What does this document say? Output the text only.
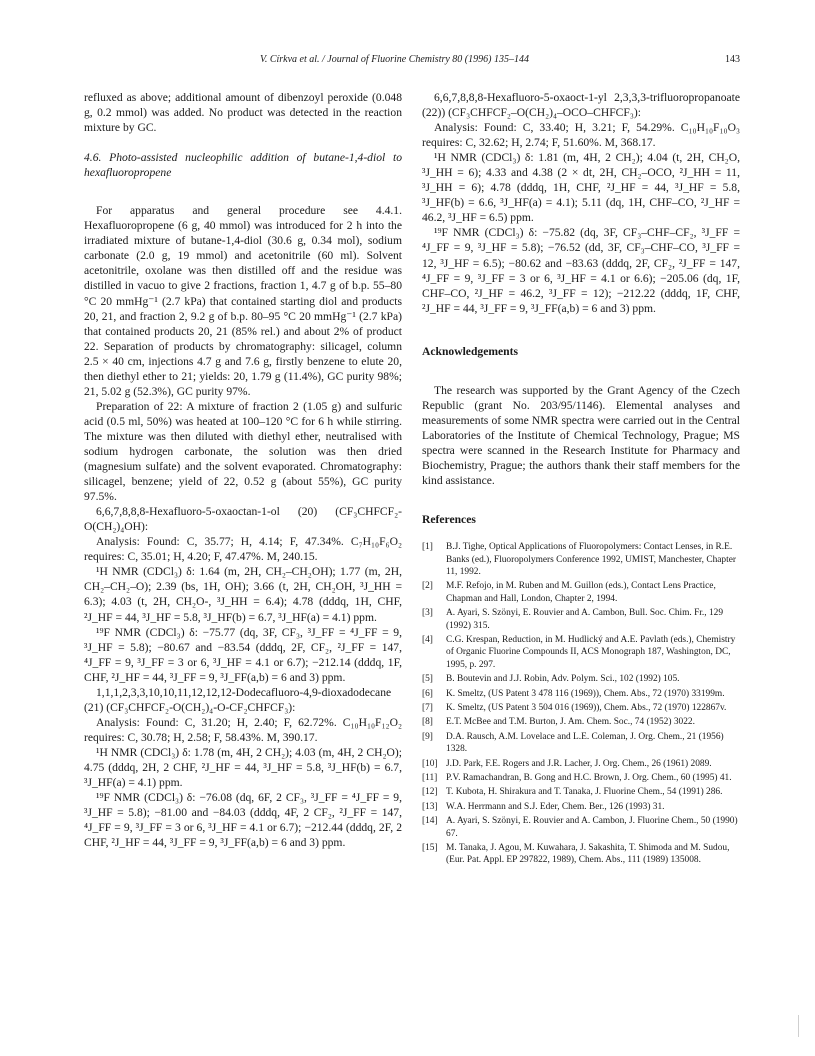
V. Církva et al. / Journal of Fluorine Chemistry 80 (1996) 135–144	143

refluxed as above; additional amount of dibenzoyl peroxide (0.048 g, 0.2 mmol) was added. No product was detected in the reaction mixture by GC.

4.6. Photo-assisted nucleophilic addition of butane-1,4-diol to hexafluoropropene

For apparatus and general procedure see 4.4.1. Hexafluoropropene (6 g, 40 mmol) was introduced for 2 h into the irradiated mixture of butane-1,4-diol (30.6 g, 0.34 mol), sodium carbonate (2.0 g, 19 mmol) and acetonitrile (60 ml). Solvent acetonitrile, oxolane was then distilled off and the residue was distilled in vacuo to give 2 fractions, fraction 1, 4.7 g of b.p. 55–80 °C 20 mmHg⁻¹ (2.7 kPa) that contained starting diol and products 20, 21, and fraction 2, 9.2 g of b.p. 80–95 °C 20 mmHg⁻¹ (2.7 kPa) that contained products 20, 21 (85% rel.) and about 2% of product 22. Separation of products by chromatography: silicagel, column 2.5 × 40 cm, injections 4.7 g and 7.6 g, firstly benzene to elute 20, then diethyl ether to 21; yields: 20, 1.79 g (11.4%), GC purity 98%; 21, 5.02 g (52.3%), GC purity 97%.

Preparation of 22: A mixture of fraction 2 (1.05 g) and sulfuric acid (0.5 ml, 50%) was heated at 100–120 °C for 6 h while stirring. The mixture was then diluted with diethyl ether, neutralised with sodium hydrogen carbonate, the solution was then dried (magnesium sulfate) and the solvent evaporated. Chromatography: silicagel, benzene; yield of 22, 0.52 g (about 55%), GC purity 97.5%.

6,6,7,8,8,8-Hexafluoro-5-oxaoctan-1-ol (20) (CF₃CHFCF₂-O(CH₂)₄OH):

Analysis: Found: C, 35.77; H, 4.14; F, 47.34%. C₇H₁₀F₆O₂ requires: C, 35.01; H, 4.20; F, 47.47%. M, 240.15.

¹H NMR (CDCl₃) δ: 1.64 (m, 2H, CH₂–CH₂OH); 1.77 (m, 2H, CH₂–CH₂–O); 2.39 (bs, 1H, OH); 3.66 (t, 2H, CH₂OH, ³J_HH = 6.3); 4.03 (t, 2H, CH₂O-, ³J_HH = 6.4); 4.78 (dddq, 1H, CHF, ²J_HF = 44, ³J_HF = 5.8, ³J_HF(b) = 6.7, ³J_HF(a) = 4.1) ppm.

¹⁹F NMR (CDCl₃) δ: −75.77 (dq, 3F, CF₃, ³J_FF = ⁴J_FF = 9, ³J_HF = 5.8); −80.67 and −83.54 (dddq, 2F, CF₂, ²J_FF = 147, ⁴J_FF = 9, ³J_FF = 3 or 6, ³J_HF = 4.1 or 6.7); −212.14 (dddq, 1F, CHF, ²J_HF = 44, ³J_FF = 9, ³J_FF(a,b) = 6 and 3) ppm.

1,1,1,2,3,3,10,10,11,12,12,12-Dodecafluoro-4,9-dioxadodecane (21) (CF₃CHFCF₂-O(CH₂)₄-O-CF₂CHFCF₃):

Analysis: Found: C, 31.20; H, 2.40; F, 62.72%. C₁₀H₁₀F₁₂O₂ requires: C, 30.78; H, 2.58; F, 58.43%. M, 390.17.

¹H NMR (CDCl₃) δ: 1.78 (m, 4H, 2 CH₂); 4.03 (m, 4H, 2 CH₂O); 4.75 (dddq, 2H, 2 CHF, ²J_HF = 44, ³J_HF = 5.8, ³J_HF(b) = 6.7, ³J_HF(a) = 4.1) ppm.

¹⁹F NMR (CDCl₃) δ: −76.08 (dq, 6F, 2 CF₃, ³J_FF = ⁴J_FF = 9, ³J_HF = 5.8); −81.00 and −84.03 (dddq, 4F, 2 CF₂, ²J_FF = 147, ⁴J_FF = 9, ³J_FF = 3 or 6, ³J_HF = 4.1 or 6.7); −212.44 (dddq, 2F, 2 CHF, ²J_HF = 44, ³J_FF = 9, ³J_FF(a,b) = 6 and 3) ppm.

6,6,7,8,8,8-Hexafluoro-5-oxaoct-1-yl 2,3,3,3-trifluoropropanoate (22)) (CF₃CHFCF₂–O(CH₂)₄–OCO–CHFCF₃):

Analysis: Found: C, 33.40; H, 3.21; F, 54.29%. C₁₀H₁₀F₁₀O₃ requires: C, 32.62; H, 2.74; F, 51.60%. M, 368.17.

¹H NMR (CDCl₃) δ: 1.81 (m, 4H, 2 CH₂); 4.04 (t, 2H, CH₂O, ³J_HH = 6); 4.33 and 4.38 (2 × dt, 2H, CH₂–OCO, ²J_HH = 11, ³J_HH = 6); 4.78 (dddq, 1H, CHF, ²J_HF = 44, ³J_HF = 5.8, ³J_HF(b) = 6.6, ³J_HF(a) = 4.1); 5.11 (dq, 1H, CHF–CO, ²J_HF = 46.2, ³J_HF = 6.5) ppm.

¹⁹F NMR (CDCl₃) δ: −75.82 (dq, 3F, CF₃–CHF–CF₂, ³J_FF = ⁴J_FF = 9, ³J_HF = 5.8); −76.52 (dd, 3F, CF₃–CHF–CO, ³J_FF = 12, ³J_HF = 6.5); −80.62 and −83.63 (dddq, 2F, CF₂, ²J_FF = 147, ⁴J_FF = 9, ³J_FF = 3 or 6, ³J_HF = 4.1 or 6.6); −205.06 (dq, 1F, CHF–CO, ²J_HF = 46.2, ³J_FF = 12); −212.22 (dddq, 1F, CHF, ²J_HF = 44, ³J_FF = 9, ³J_FF(a,b) = 6 and 3) ppm.

Acknowledgements

The research was supported by the Grant Agency of the Czech Republic (grant No. 203/95/1146). Elemental analyses and measurements of some NMR spectra were carried out in the Central Laboratories of the Institute of Chemical Technology, Prague; MS spectra were scanned in the Research Institute for Pharmacy and Biochemistry, Prague; the authors thank their staff members for the kind assistance.

References

[1] B.J. Tighe, Optical Applications of Fluoropolymers: Contact Lenses, in R.E. Banks (ed.), Fluoropolymers Conference 1992, UMIST, Manchester, Chapter 11, 1992.
[2] M.F. Refojo, in M. Ruben and M. Guillon (eds.), Contact Lens Practice, Chapman and Hall, London, Chapter 2, 1994.
[3] A. Ayari, S. Szönyi, E. Rouvier and A. Cambon, Bull. Soc. Chim. Fr., 129 (1992) 315.
[4] C.G. Krespan, Reduction, in M. Hudlický and A.E. Pavlath (eds.), Chemistry of Organic Fluorine Compounds II, ACS Monograph 187, Washington, DC, 1995, p. 297.
[5] B. Boutevin and J.J. Robin, Adv. Polym. Sci., 102 (1992) 105.
[6] K. Smeltz, (US Patent 3 478 116 (1969)), Chem. Abs., 72 (1970) 33199m.
[7] K. Smeltz, (US Patent 3 504 016 (1969)), Chem. Abs., 72 (1970) 122867v.
[8] E.T. McBee and T.M. Burton, J. Am. Chem. Soc., 74 (1952) 3022.
[9] D.A. Rausch, A.M. Lovelace and L.E. Coleman, J. Org. Chem., 21 (1956) 1328.
[10] J.D. Park, F.E. Rogers and J.R. Lacher, J. Org. Chem., 26 (1961) 2089.
[11] P.V. Ramachandran, B. Gong and H.C. Brown, J. Org. Chem., 60 (1995) 41.
[12] T. Kubota, H. Shirakura and T. Tanaka, J. Fluorine Chem., 54 (1991) 286.
[13] W.A. Herrmann and S.J. Eder, Chem. Ber., 126 (1993) 31.
[14] A. Ayari, S. Szönyi, E. Rouvier and A. Cambon, J. Fluorine Chem., 50 (1990) 67.
[15] M. Tanaka, J. Agou, M. Kuwahara, J. Sakashita, T. Shimoda and M. Sudou, (Eur. Pat. Appl. EP 297822, 1989), Chem. Abs., 111 (1989) 135008.
